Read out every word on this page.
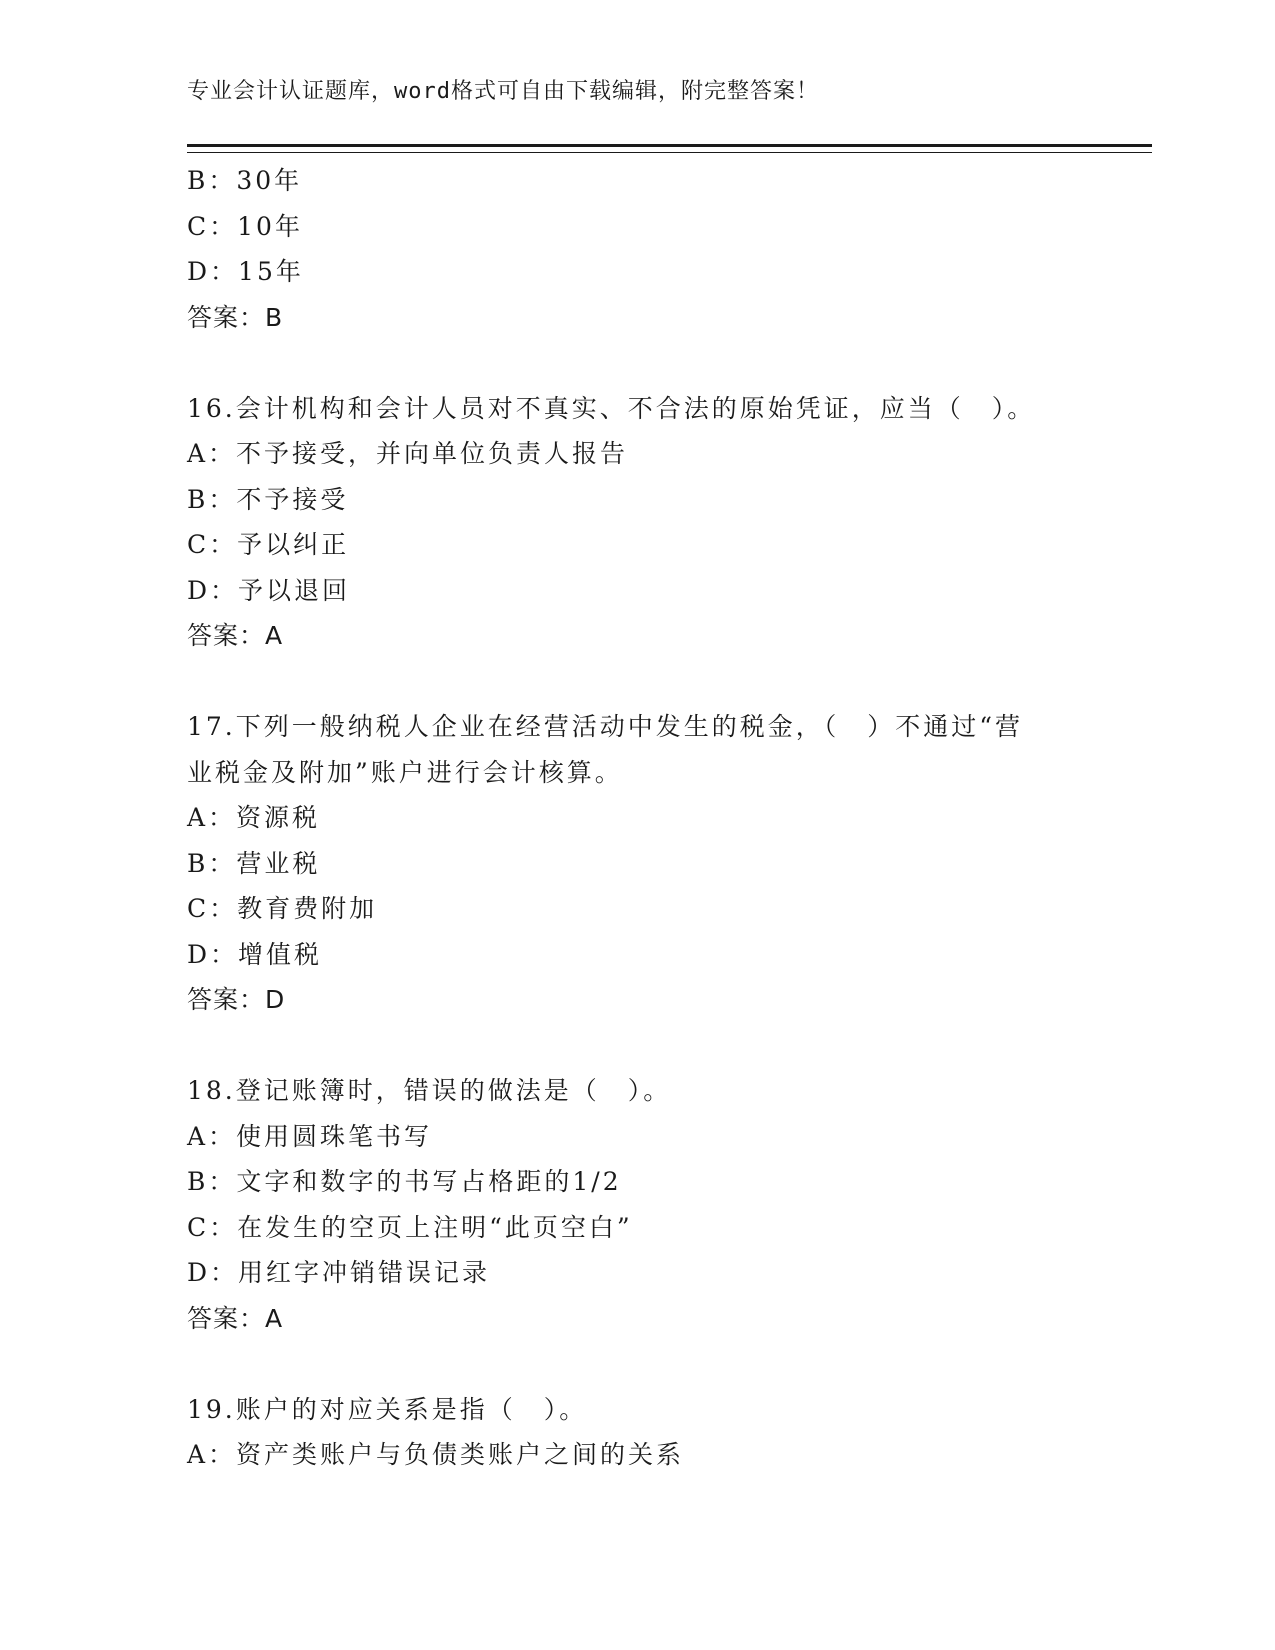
专业会计认证题库，word格式可自由下载编辑，附完整答案！
B：30年
C：10年
D：15年
答案：B
16.会计机构和会计人员对不真实、不合法的原始凭证，应当（　）。
A：不予接受，并向单位负责人报告
B：不予接受
C：予以纠正
D：予以退回
答案：A
17.下列一般纳税人企业在经营活动中发生的税金，（　）不通过“营
业税金及附加”账户进行会计核算。
A：资源税
B：营业税
C：教育费附加
D：增值税
答案：D
18.登记账簿时，错误的做法是（　）。
A：使用圆珠笔书写
B：文字和数字的书写占格距的1/2
C：在发生的空页上注明“此页空白”
D：用红字冲销错误记录
答案：A
19.账户的对应关系是指（　）。
A：资产类账户与负债类账户之间的关系
